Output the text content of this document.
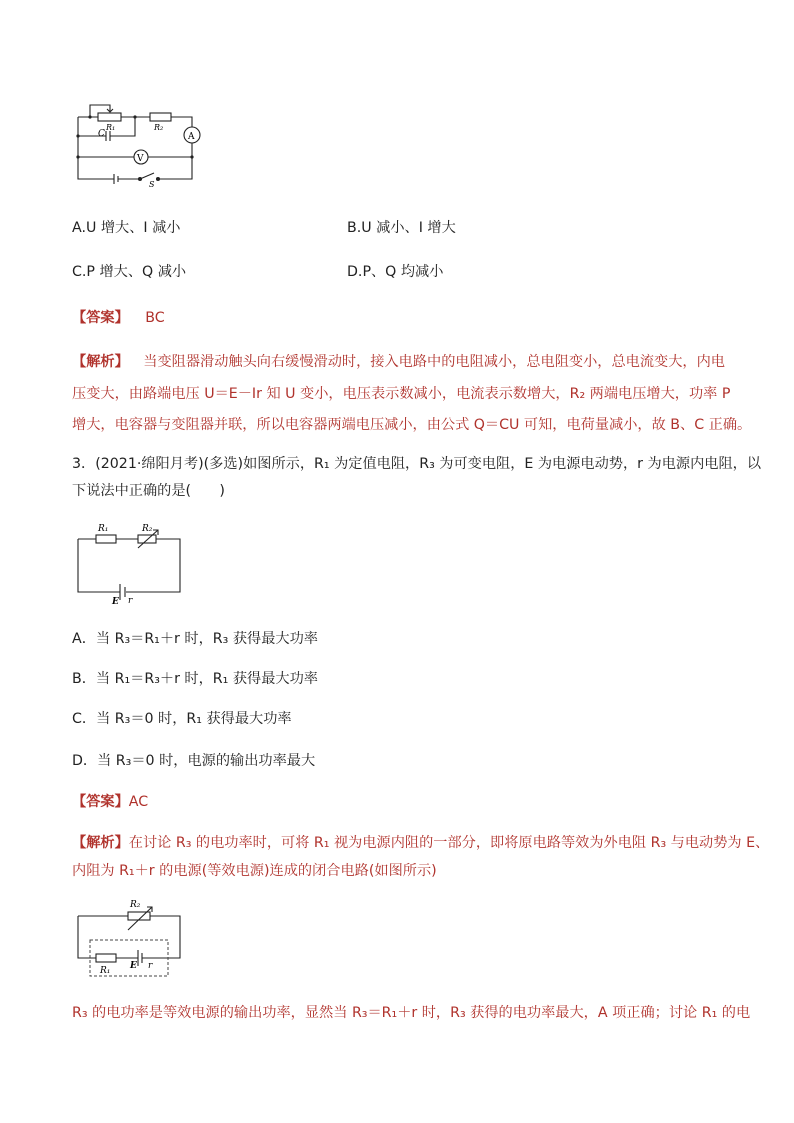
R₁	R₂
C	A
V
S
A.U 增大、I 减小	B.U 减小、I 增大
C.P 增大、Q 减小	D.P、Q 均减小
【答案】 BC
【解析】 当变阻器滑动触头向右缓慢滑动时，接入电路中的电阻减小，总电阻变小，总电流变大，内电
压变大，由路端电压 U＝E－Ir 知 U 变小，电压表示数减小，电流表示数增大，R₂ 两端电压增大，功率 P
增大，电容器与变阻器并联，所以电容器两端电压减小，由公式 Q＝CU 可知，电荷量减小，故 B、C 正确。
3．(2021·绵阳月考)(多选)如图所示，R₁ 为定值电阻，R₃ 为可变电阻，E 为电源电动势，r 为电源内电阻，以
下说法中正确的是(　　)
R₁	R₂
E r
A．当 R₃＝R₁＋r 时，R₃ 获得最大功率
B．当 R₁＝R₃＋r 时，R₁ 获得最大功率
C．当 R₃＝0 时，R₁ 获得最大功率
D．当 R₃＝0 时，电源的输出功率最大
【答案】AC
【解析】在讨论 R₃ 的电功率时，可将 R₁ 视为电源内阻的一部分，即将原电路等效为外电阻 R₃ 与电动势为 E、
内阻为 R₁＋r 的电源(等效电源)连成的闭合电路(如图所示)
R₂
R₁ E r
R₃ 的电功率是等效电源的输出功率，显然当 R₃＝R₁＋r 时，R₃ 获得的电功率最大，A 项正确；讨论 R₁ 的电
